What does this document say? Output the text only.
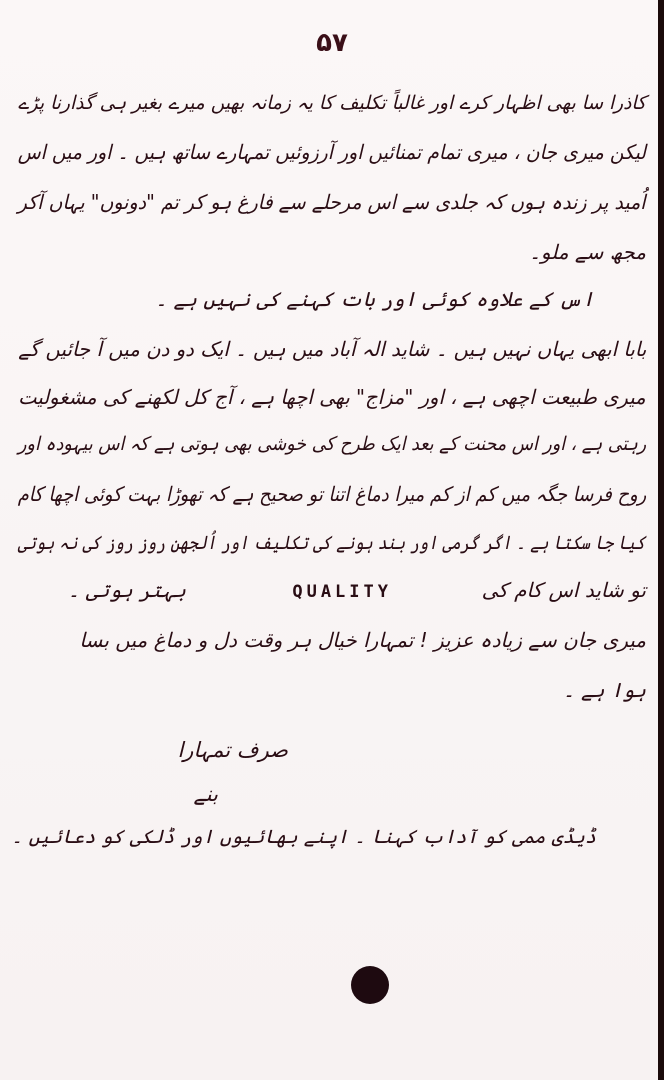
۵۷
کاذرا سا بھی اظہار کرے اور غالباً تکلیف کا یہ زمانہ بھیں میرے بغیر ہی گذارنا پڑے
لیکن میری جان ، میری تمام تمنائیں اور آرزوئیں تمہارے ساتھ ہیں ۔ اور میں اس
اُمید پر زندہ ہوں کہ جلدی سے اس مرحلے سے فارغ ہو کر تم "دونوں" یہاں آکر
مجھ سے ملو۔
اس کے علاوہ کوئی اور بات کہنے کی نہیں ہے ۔
بابا ابھی یہاں نہیں ہیں ۔ شاید الہ آباد میں ہیں ۔ ایک دو دن میں آ جائیں گے
میری طبیعت اچھی ہے ، اور "مزاج" بھی اچھا ہے ، آج کل لکھنے کی مشغولیت
رہتی ہے ، اور اس محنت کے بعد ایک طرح کی خوشی بھی ہوتی ہے کہ اس بیہودہ اور
روح فرسا جگہ میں کم از کم میرا دماغ اتنا تو صحیح ہے کہ تھوڑا بہت کوئی اچھا کام
کیا جا سکتا ہے ۔ اگر گرمی اور بند ہونے کی تکلیف اور اُلجھن روز روز کی نہ ہوتی
تو شاید اس کام کی
QUALITY
بہتر ہوتی ۔
میری جان سے زیادہ عزیز ! تمہارا خیال ہر وقت دل و دماغ میں بسا
ہوا ہے ۔
صرف تمہارا
بنے
ڈیڈی ممی کو آداب کہنا ۔ اپنے بھائیوں اور ڈلکی کو دعائیں ۔
